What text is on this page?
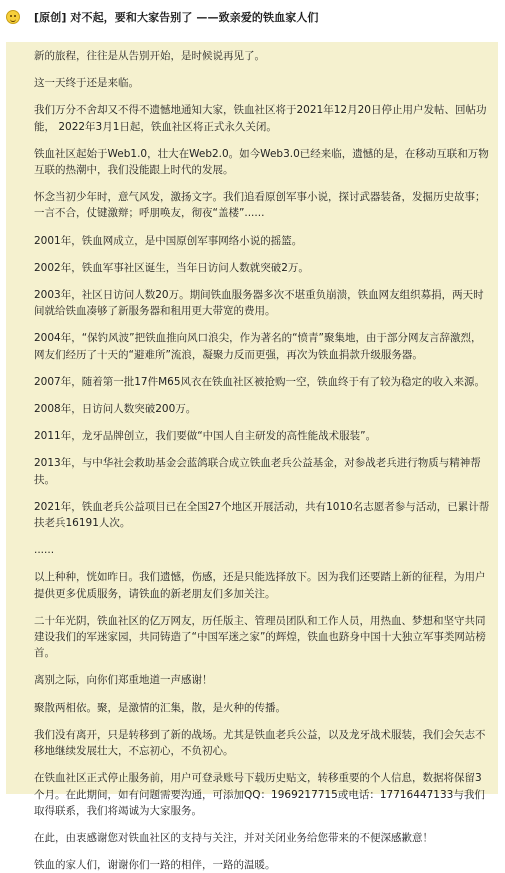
[原创] 对不起，要和大家告别了 ——致亲爱的铁血家人们

新的旅程，往往是从告别开始，是时候说再见了。

这一天终于还是来临。

我们万分不舍却又不得不遗憾地通知大家，铁血社区将于2021年12月20日停止用户发帖、回帖功能， 2022年3月1日起，铁血社区将正式永久关闭。

铁血社区起始于Web1.0，壮大在Web2.0。如今Web3.0已经来临，遗憾的是，在移动互联和万物互联的热潮中，我们没能跟上时代的发展。

怀念当初少年时，意气风发，激扬文字。我们追看原创军事小说，探讨武器装备，发掘历史故事；一言不合，仗键激辩；呼朋唤友，彻夜“盖楼”......

2001年，铁血网成立，是中国原创军事网络小说的摇篮。

2002年，铁血军事社区诞生，当年日访问人数就突破2万。

2003年，社区日访问人数20万。期间铁血服务器多次不堪重负崩溃，铁血网友组织募捐，两天时间就给铁血凑够了新服务器和租用更大带宽的费用。

2004年，“保钓风波”把铁血推向风口浪尖，作为著名的“愤青”聚集地，由于部分网友言辞激烈，网友们经历了十天的“避难所”流浪，凝聚力反而更强，再次为铁血捐款升级服务器。

2007年，随着第一批17件M65风衣在铁血社区被抢购一空，铁血终于有了较为稳定的收入来源。

2008年，日访问人数突破200万。

2011年，龙牙品牌创立，我们要做“中国人自主研发的高性能战术服装”。

2013年，与中华社会救助基金会蓝鸽联合成立铁血老兵公益基金，对参战老兵进行物质与精神帮扶。

2021年，铁血老兵公益项目已在全国27个地区开展活动，共有1010名志愿者参与活动，已累计帮扶老兵16191人次。

......

以上种种，恍如昨日。我们遗憾，伤感，还是只能选择放下。因为我们还要踏上新的征程，为用户提供更多优质服务，请铁血的新老朋友们多加关注。

二十年光阴，铁血社区的亿万网友，历任版主、管理员团队和工作人员，用热血、梦想和坚守共同建设我们的军迷家园，共同铸造了“中国军迷之家”的辉煌，铁血也跻身中国十大独立军事类网站榜首。

离别之际，向你们郑重地道一声感谢！

聚散两相依。聚，是激情的汇集，散，是火种的传播。

我们没有离开，只是转移到了新的战场。尤其是铁血老兵公益，以及龙牙战术服装，我们会矢志不移地继续发展壮大，不忘初心，不负初心。

在铁血社区正式停止服务前，用户可登录账号下载历史贴文，转移重要的个人信息，数据将保留3个月。在此期间，如有问题需要沟通，可添加QQ：1969217715或电话：17716447133与我们取得联系，我们将竭诚为大家服务。

在此，由衷感谢您对铁血社区的支持与关注，并对关闭业务给您带来的不便深感歉意！

铁血的家人们，谢谢你们一路的相伴，一路的温暖。
